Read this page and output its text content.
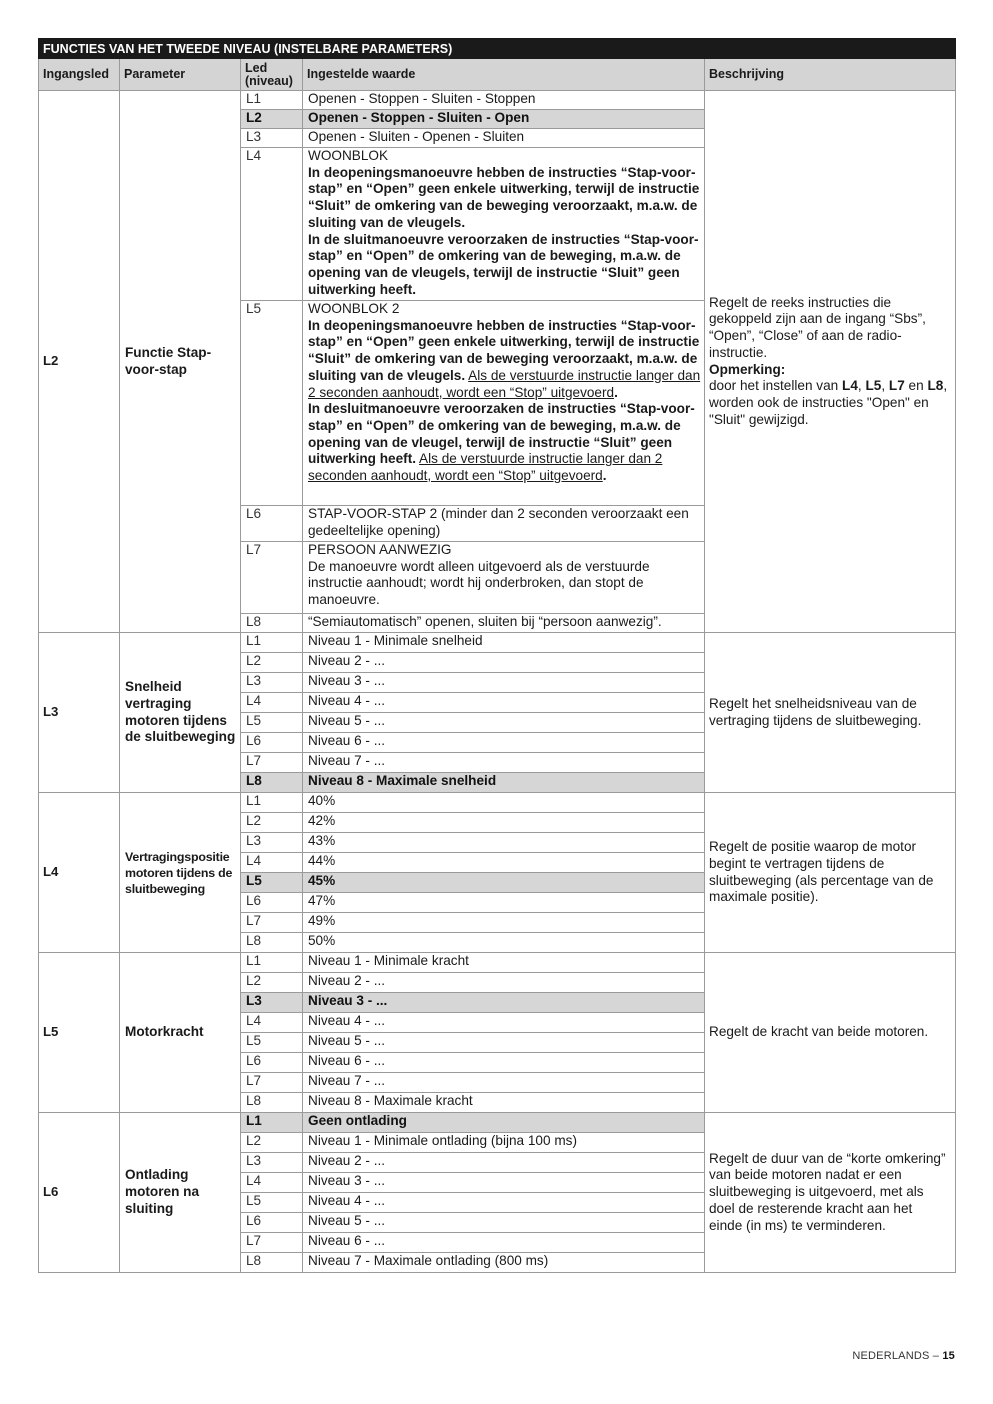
FUNCTIES VAN HET TWEEDE NIVEAU (INSTELBARE PARAMETERS)				
Ingangsled	Parameter	Led (niveau)	Ingestelde waarde	Beschrijving
L2	Functie Stap-voor-stap	L1	Openen - Stoppen - Sluiten - Stoppen	Regelt de reeks instructies die gekoppeld zijn aan de ingang “Sbs”, “Open”, “Close” of aan de radio-instructie.
Opmerking:
door het instellen van L4, L5, L7 en L8, worden ook de instructies "Open" en "Sluit" gewijzigd.
		L2	Openen - Stoppen - Sluiten - Open	
		L3	Openen - Sluiten - Openen - Sluiten	
		L4	WOONBLOK
In deopeningsmanoeuvre hebben de instructies “Stap-voor-stap” en “Open” geen enkele uitwerking, terwijl de instructie “Sluit” de omkering van de beweging veroorzaakt, m.a.w. de sluiting van de vleugels.
In de sluitmanoeuvre veroorzaken de instructies “Stap-voor-stap” en “Open” de omkering van de beweging, m.a.w. de opening van de vleugels, terwijl de instructie “Sluit” geen uitwerking heeft.	
		L5	WOONBLOK 2
In deopeningsmanoeuvre hebben de instructies “Stap-voor-stap” en “Open” geen enkele uitwerking, terwijl de instructie “Sluit” de omkering van de beweging veroorzaakt, m.a.w. de sluiting van de vleugels. Als de verstuurde instructie langer dan 2 seconden aanhoudt, wordt een “Stop” uitgevoerd.
In desluitmanoeuvre veroorzaken de instructies “Stap-voor-stap” en “Open” de omkering van de beweging, m.a.w. de opening van de vleugel, terwijl de instructie “Sluit” geen uitwerking heeft. Als de verstuurde instructie langer dan 2 seconden aanhoudt, wordt een “Stop” uitgevoerd.	
		L6	STAP-VOOR-STAP 2 (minder dan 2 seconden veroorzaakt een gedeeltelijke opening)	
		L7	PERSOON AANWEZIG
De manoeuvre wordt alleen uitgevoerd als de verstuurde instructie aanhoudt; wordt hij onderbroken, dan stopt de manoeuvre.	
		L8	“Semiautomatisch” openen, sluiten bij “persoon aanwezig”.	
L3	Snelheid vertraging motoren tijdens de sluitbeweging	L1	Niveau 1 - Minimale snelheid	Regelt het snelheidsniveau van de vertraging tijdens de sluitbeweging.
		L2	Niveau 2 - ...	
		L3	Niveau 3 - ...	
		L4	Niveau 4 - ...	
		L5	Niveau 5 - ...	
		L6	Niveau 6 - ...	
		L7	Niveau 7 - ...	
		L8	Niveau 8 - Maximale snelheid	
L4	Vertragingspositie motoren tijdens de sluitbeweging	L1	40%	Regelt de positie waarop de motor begint te vertragen tijdens de sluitbeweging (als percentage van de maximale positie).
		L2	42%	
		L3	43%	
		L4	44%	
		L5	45%	
		L6	47%	
		L7	49%	
		L8	50%	
L5	Motorkracht	L1	Niveau 1 - Minimale kracht	Regelt de kracht van beide motoren.
		L2	Niveau 2 - ...	
		L3	Niveau 3 - ...	
		L4	Niveau 4 - ...	
		L5	Niveau 5 - ...	
		L6	Niveau 6 - ...	
		L7	Niveau 7 - ...	
		L8	Niveau 8 - Maximale kracht	
L6	Ontlading motoren na sluiting	L1	Geen ontlading	Regelt de duur van de “korte omkering” van beide motoren nadat er een sluitbeweging is uitgevoerd, met als doel de resterende kracht aan het einde (in ms) te verminderen.
		L2	Niveau 1 - Minimale ontlading (bijna 100 ms)	
		L3	Niveau 2 - ...	
		L4	Niveau 3 - ...	
		L5	Niveau 4 - ...	
		L6	Niveau 5 - ...	
		L7	Niveau 6 - ...	
		L8	Niveau 7 - Maximale ontlading (800 ms)	
NEDERLANDS – 15
